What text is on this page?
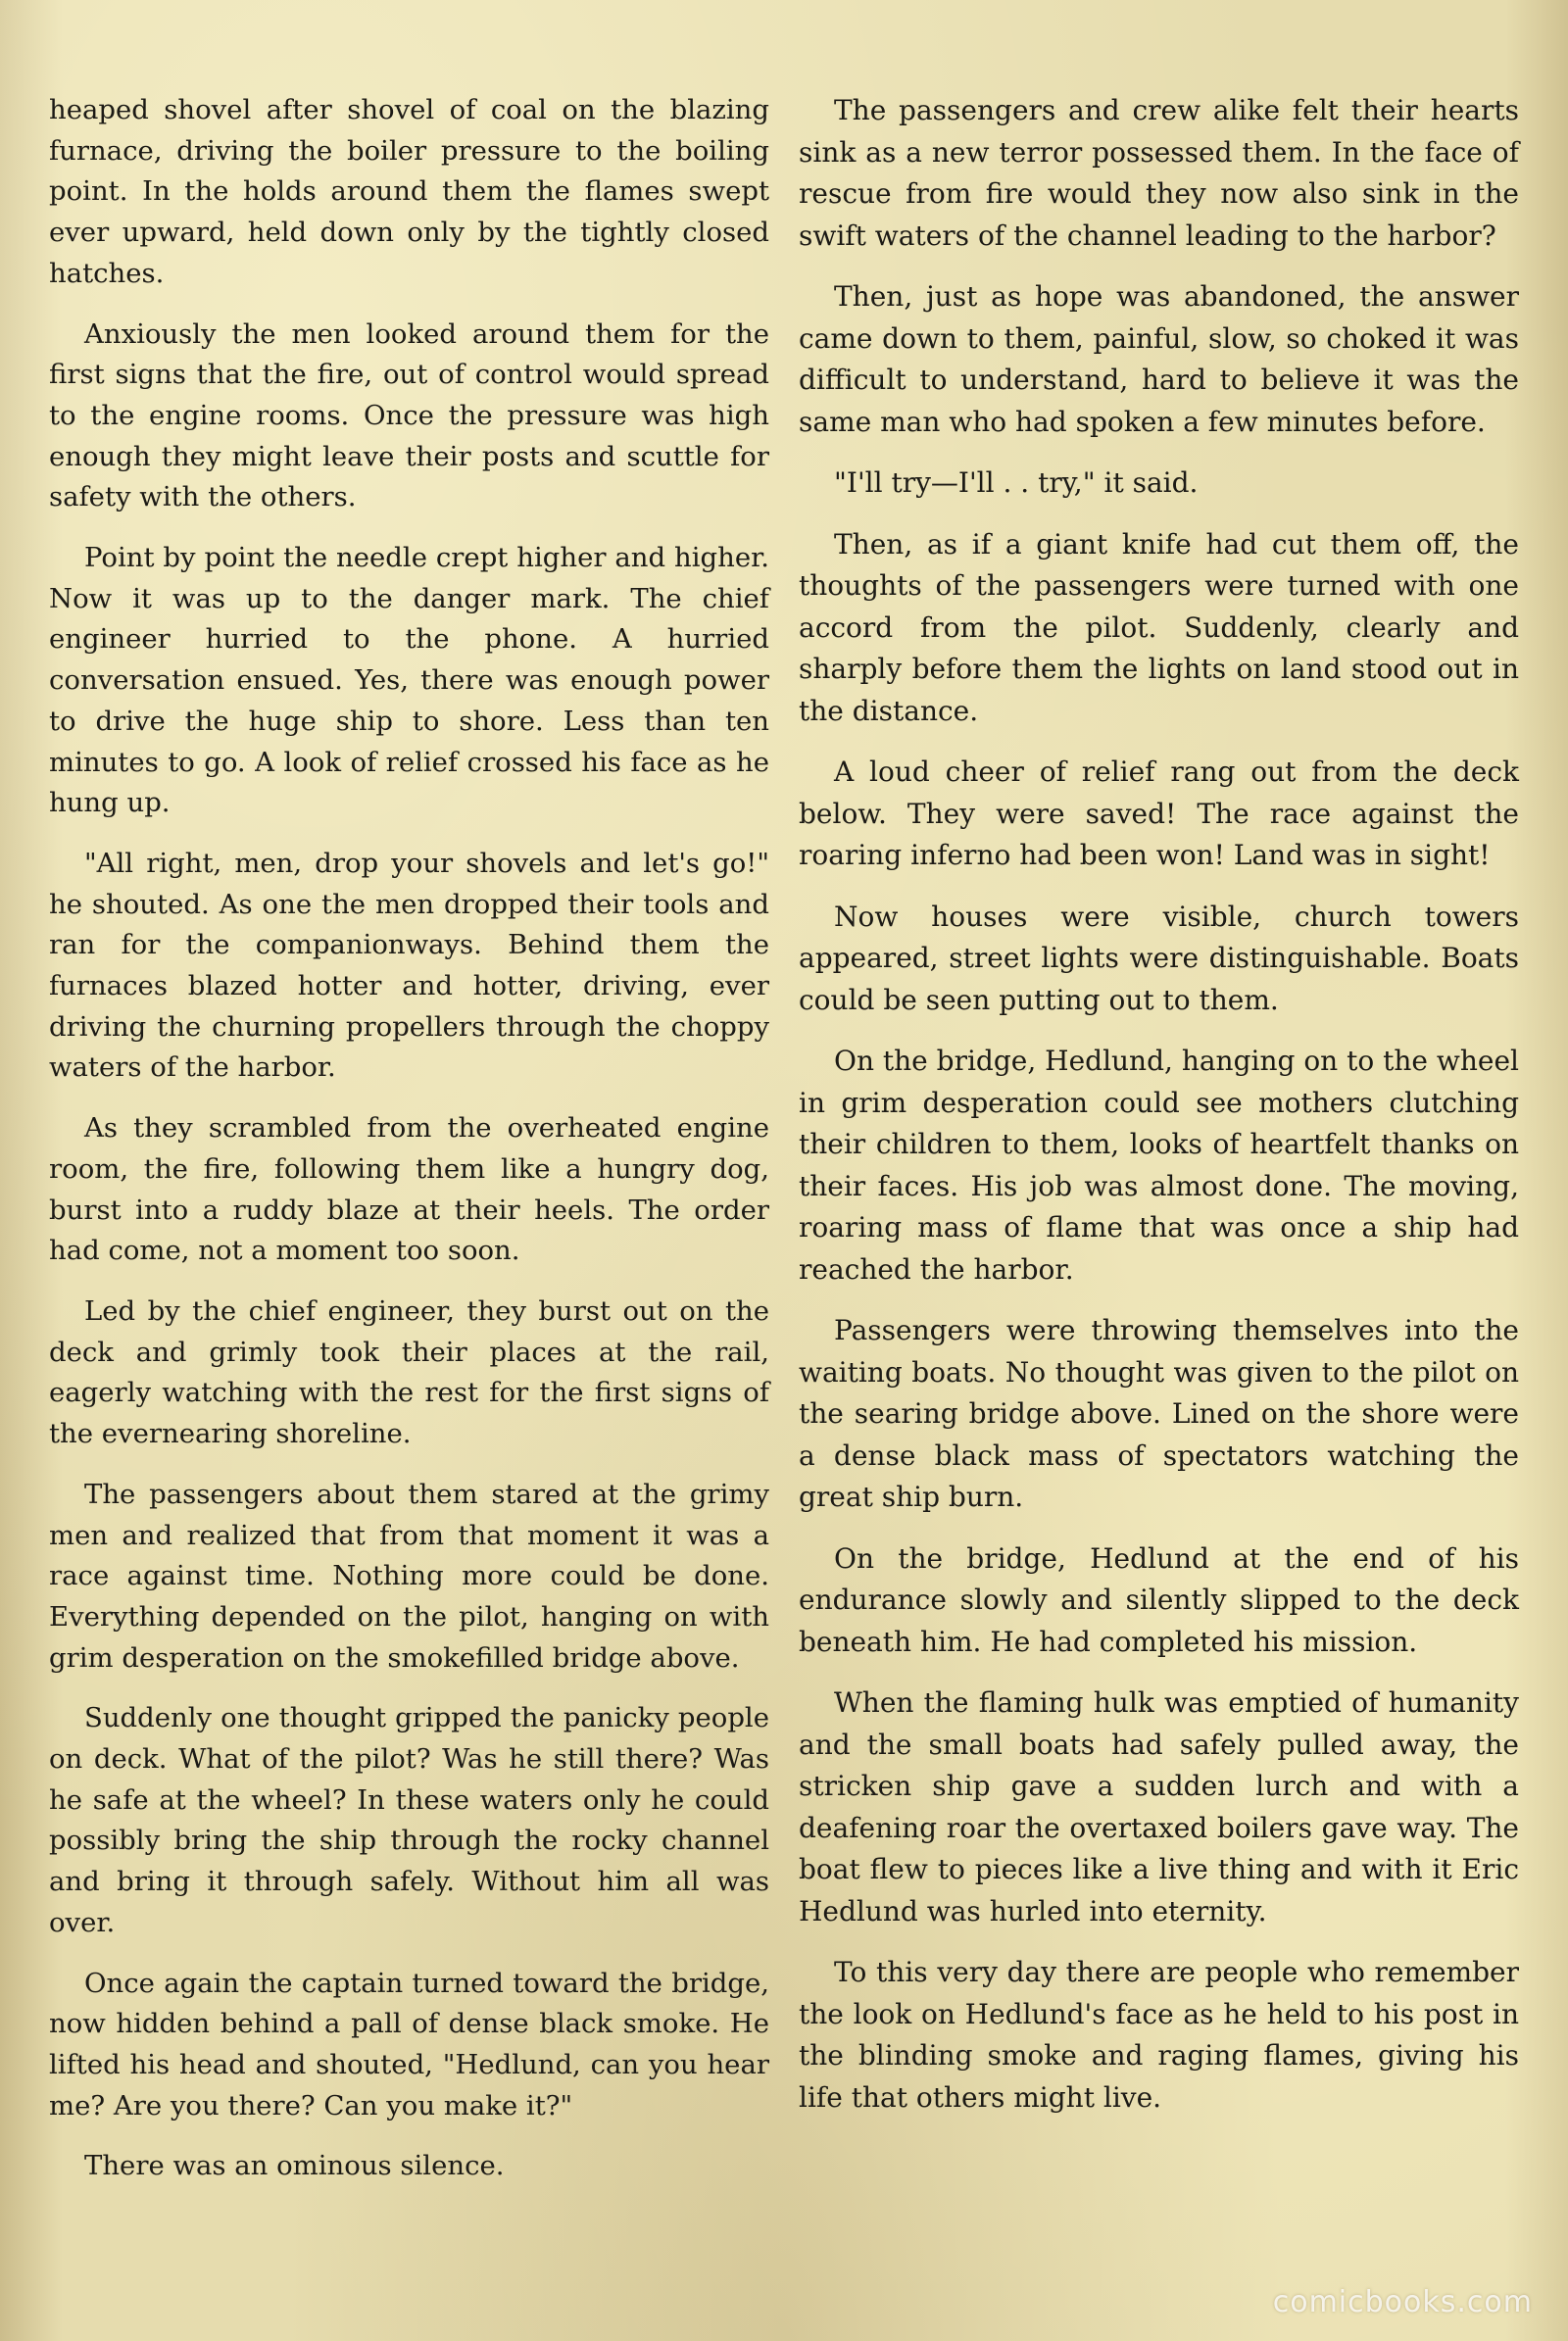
heaped shovel after shovel of coal on the blazing furnace, driving the boiler pressure to the boiling point. In the holds around them the flames swept ever upward, held down only by the tightly closed hatches.

Anxiously the men looked around them for the first signs that the fire, out of control would spread to the engine rooms. Once the pressure was high enough they might leave their posts and scuttle for safety with the others.

Point by point the needle crept higher and higher. Now it was up to the danger mark. The chief engineer hurried to the phone. A hurried conversation ensued. Yes, there was enough power to drive the huge ship to shore. Less than ten minutes to go. A look of relief crossed his face as he hung up.

"All right, men, drop your shovels and let's go!" he shouted. As one the men dropped their tools and ran for the companionways. Behind them the furnaces blazed hotter and hotter, driving, ever driving the churning propellers through the choppy waters of the harbor.

As they scrambled from the overheated engine room, the fire, following them like a hungry dog, burst into a ruddy blaze at their heels. The order had come, not a moment too soon.

Led by the chief engineer, they burst out on the deck and grimly took their places at the rail, eagerly watching with the rest for the first signs of the evernearing shoreline.

The passengers about them stared at the grimy men and realized that from that moment it was a race against time. Nothing more could be done. Everything depended on the pilot, hanging on with grim desperation on the smokefilled bridge above.

Suddenly one thought gripped the panicky people on deck. What of the pilot? Was he still there? Was he safe at the wheel? In these waters only he could possibly bring the ship through the rocky channel and bring it through safely. Without him all was over.

Once again the captain turned toward the bridge, now hidden behind a pall of dense black smoke. He lifted his head and shouted, "Hedlund, can you hear me? Are you there? Can you make it?"

There was an ominous silence.

The passengers and crew alike felt their hearts sink as a new terror possessed them. In the face of rescue from fire would they now also sink in the swift waters of the channel leading to the harbor?

Then, just as hope was abandoned, the answer came down to them, painful, slow, so choked it was difficult to understand, hard to believe it was the same man who had spoken a few minutes before.

"I'll try—I'll . . try," it said.

Then, as if a giant knife had cut them off, the thoughts of the passengers were turned with one accord from the pilot. Suddenly, clearly and sharply before them the lights on land stood out in the distance.

A loud cheer of relief rang out from the deck below. They were saved! The race against the roaring inferno had been won! Land was in sight!

Now houses were visible, church towers appeared, street lights were distinguishable. Boats could be seen putting out to them.

On the bridge, Hedlund, hanging on to the wheel in grim desperation could see mothers clutching their children to them, looks of heartfelt thanks on their faces. His job was almost done. The moving, roaring mass of flame that was once a ship had reached the harbor.

Passengers were throwing themselves into the waiting boats. No thought was given to the pilot on the searing bridge above. Lined on the shore were a dense black mass of spectators watching the great ship burn.

On the bridge, Hedlund at the end of his endurance slowly and silently slipped to the deck beneath him. He had completed his mission.

When the flaming hulk was emptied of humanity and the small boats had safely pulled away, the stricken ship gave a sudden lurch and with a deafening roar the overtaxed boilers gave way. The boat flew to pieces like a live thing and with it Eric Hedlund was hurled into eternity.

To this very day there are people who remember the look on Hedlund's face as he held to his post in the blinding smoke and raging flames, giving his life that others might live.

comicbooks.com
